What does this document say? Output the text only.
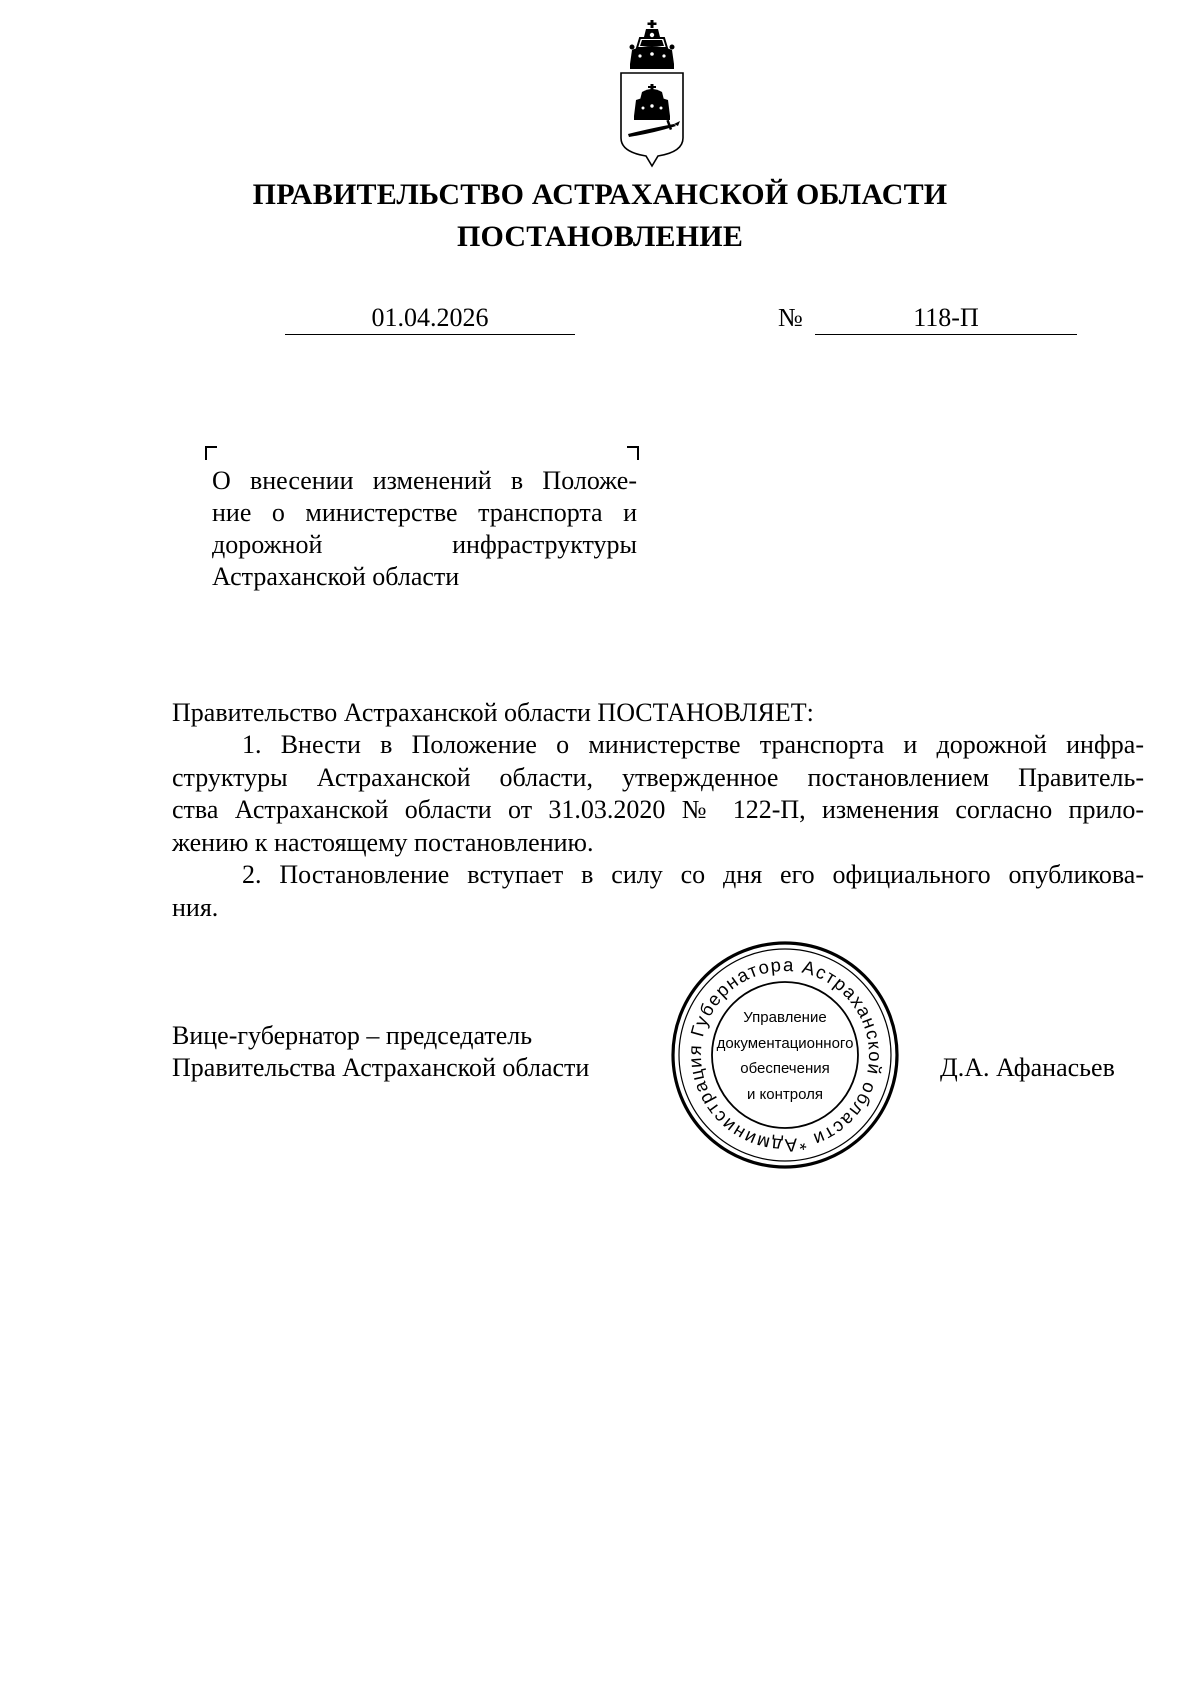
ПРАВИТЕЛЬСТВО АСТРАХАНСКОЙ ОБЛАСТИ
ПОСТАНОВЛЕНИЕ
01.04.2026	№	118-П
О внесении изменений в Положе-
ние о министерстве транспорта и
дорожной инфраструктуры
Астраханской области
Правительство Астраханской области ПОСТАНОВЛЯЕТ:
1. Внести в Положение о министерстве транспорта и дорожной инфра-
структуры Астраханской области, утвержденное постановлением Правитель-
ства Астраханской области от 31.03.2020 № 122-П, изменения согласно прило-
жению к настоящему постановлению.
2. Постановление вступает в силу со дня его официального опубликова-
ния.
Вице-губернатор – председатель
Правительства Астраханской области	Д.А. Афанасьев
Администрация Губернатора Астраханской области *
Управление
документационного
обеспечения
и контроля
